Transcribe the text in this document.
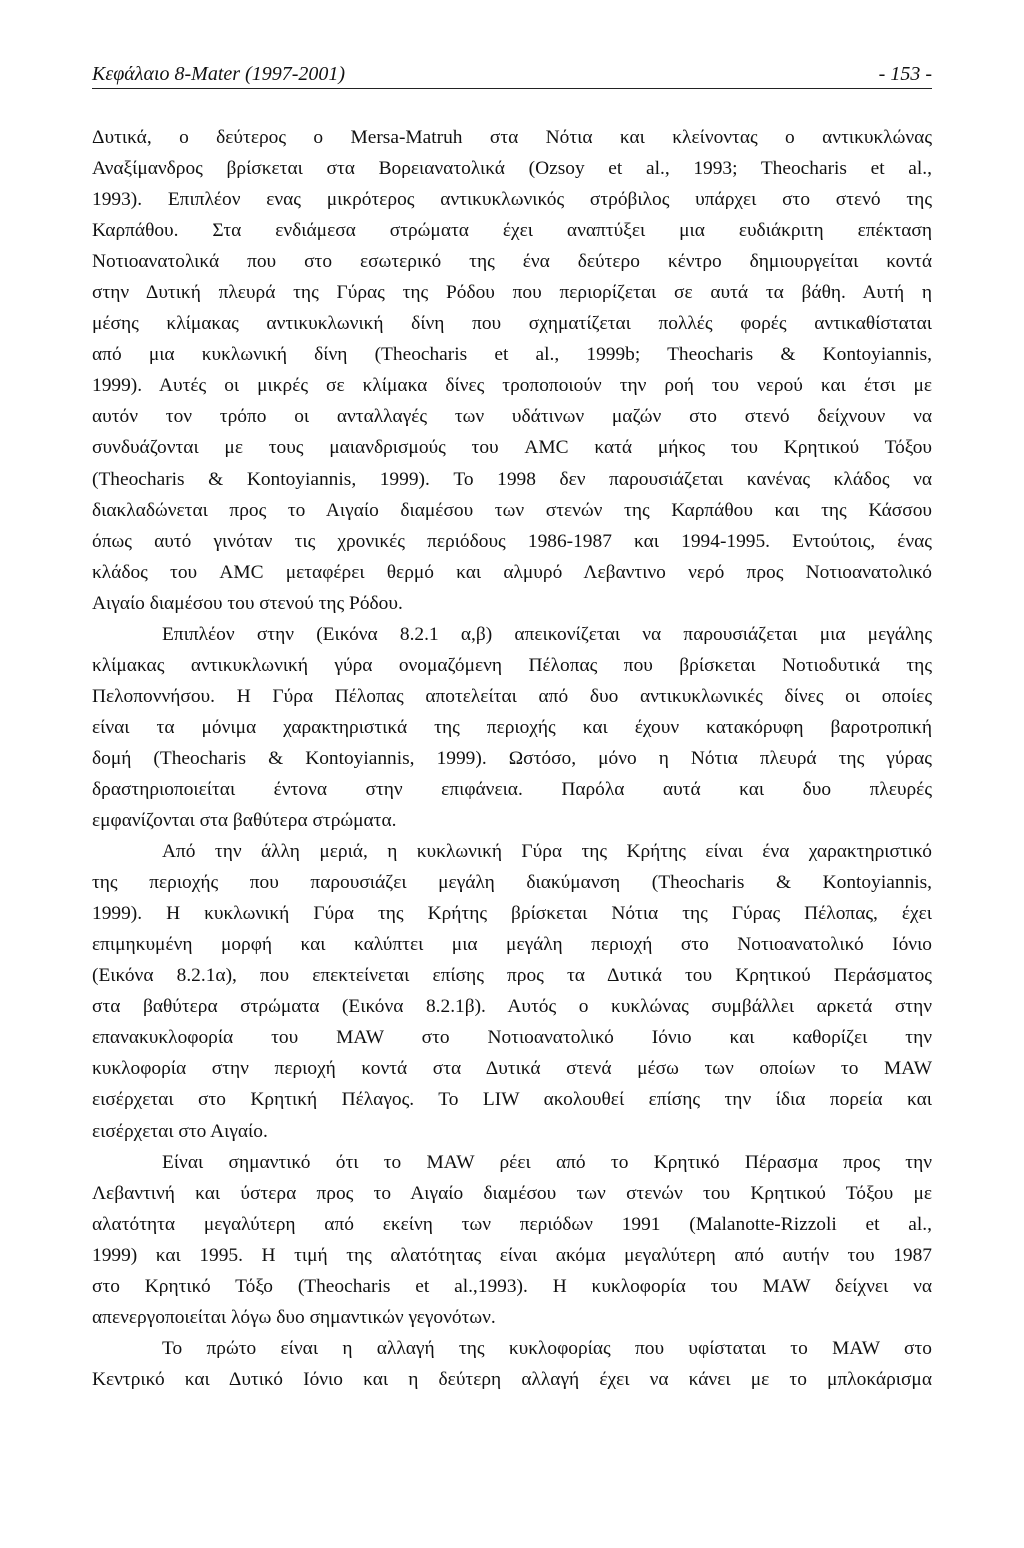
Κεφάλαιο 8-Mater (1997-2001)	- 153 -
Δυτικά, ο δεύτερος ο Mersa-Matruh στα Νότια και κλείνοντας ο αντικυκλώνας
Αναξίμανδρος βρίσκεται στα Βορειανατολικά (Ozsoy et al., 1993; Theocharis et al.,
1993). Επιπλέον ενας μικρότερος αντικυκλωνικός στρόβιλος υπάρχει στο στενό της
Καρπάθου. Στα ενδιάμεσα στρώματα έχει αναπτύξει μια ευδιάκριτη επέκταση
Νοτιοανατολικά που στο εσωτερικό της ένα δεύτερο κέντρο δημιουργείται κοντά
στην Δυτική πλευρά της Γύρας της Ρόδου που περιορίζεται σε αυτά τα βάθη. Αυτή η
μέσης κλίμακας αντικυκλωνική δίνη που σχηματίζεται πολλές φορές αντικαθίσταται
από μια κυκλωνική δίνη (Theocharis et al., 1999b; Theocharis & Kontoyiannis,
1999). Αυτές οι μικρές σε κλίμακα δίνες τροποποιούν την ροή του νερού και έτσι με
αυτόν τον τρόπο οι ανταλλαγές των υδάτινων μαζών στο στενό δείχνουν να
συνδυάζονται με τους μαιανδρισμούς του AMC κατά μήκος του Κρητικού Τόξου
(Theocharis & Kontoyiannis, 1999). Το 1998 δεν παρουσιάζεται κανένας κλάδος να
διακλαδώνεται προς το Αιγαίο διαμέσου των στενών της Καρπάθου και της Κάσσου
όπως αυτό γινόταν τις χρονικές περιόδους 1986-1987 και 1994-1995. Εντούτοις, ένας
κλάδος του AMC μεταφέρει θερμό και αλμυρό Λεβαντινο νερό προς Νοτιοανατολικό
Αιγαίο διαμέσου του στενού της Ρόδου.
Επιπλέον στην (Εικόνα 8.2.1 α,β) απεικονίζεται να παρουσιάζεται μια μεγάλης
κλίμακας αντικυκλωνική γύρα ονομαζόμενη Πέλοπας που βρίσκεται Νοτιοδυτικά της
Πελοποννήσου. Η Γύρα Πέλοπας αποτελείται από δυο αντικυκλωνικές δίνες οι οποίες
είναι τα μόνιμα χαρακτηριστικά της περιοχής και έχουν κατακόρυφη βαροτροπική
δομή (Theocharis & Kontoyiannis, 1999). Ωστόσο, μόνο η Νότια πλευρά της γύρας
δραστηριοποιείται έντονα στην επιφάνεια. Παρόλα αυτά και δυο πλευρές
εμφανίζονται στα βαθύτερα στρώματα.
Από την άλλη μεριά, η κυκλωνική Γύρα της Κρήτης είναι ένα χαρακτηριστικό
της περιοχής που παρουσιάζει μεγάλη διακύμανση (Theocharis & Kontoyiannis,
1999). Η κυκλωνική Γύρα της Κρήτης βρίσκεται Νότια της Γύρας Πέλοπας, έχει
επιμηκυμένη μορφή και καλύπτει μια μεγάλη περιοχή στο Νοτιοανατολικό Ιόνιο
(Εικόνα 8.2.1α), που επεκτείνεται επίσης προς τα Δυτικά του Κρητικού Περάσματος
στα βαθύτερα στρώματα (Εικόνα 8.2.1β). Αυτός ο κυκλώνας συμβάλλει αρκετά στην
επανακυκλοφορία του MAW στο Νοτιοανατολικό Ιόνιο και καθορίζει την
κυκλοφορία στην περιοχή κοντά στα Δυτικά στενά μέσω των οποίων το MAW
εισέρχεται στο Κρητική Πέλαγος. Το LIW ακολουθεί επίσης την ίδια πορεία και
εισέρχεται στο Αιγαίο.
Είναι σημαντικό ότι το MAW ρέει από το Κρητικό Πέρασμα προς την
Λεβαντινή και ύστερα προς το Αιγαίο διαμέσου των στενών του Κρητικού Τόξου με
αλατότητα μεγαλύτερη από εκείνη των περιόδων 1991 (Malanotte-Rizzoli et al.,
1999) και 1995. Η τιμή της αλατότητας είναι ακόμα μεγαλύτερη από αυτήν του 1987
στο Κρητικό Τόξο (Theocharis et al.,1993). Η κυκλοφορία του MAW δείχνει να
απενεργοποιείται λόγω δυο σημαντικών γεγονότων.
Το πρώτο είναι η αλλαγή της κυκλοφορίας που υφίσταται το MAW στο
Κεντρικό και Δυτικό Ιόνιο και η δεύτερη αλλαγή έχει να κάνει με το μπλοκάρισμα
